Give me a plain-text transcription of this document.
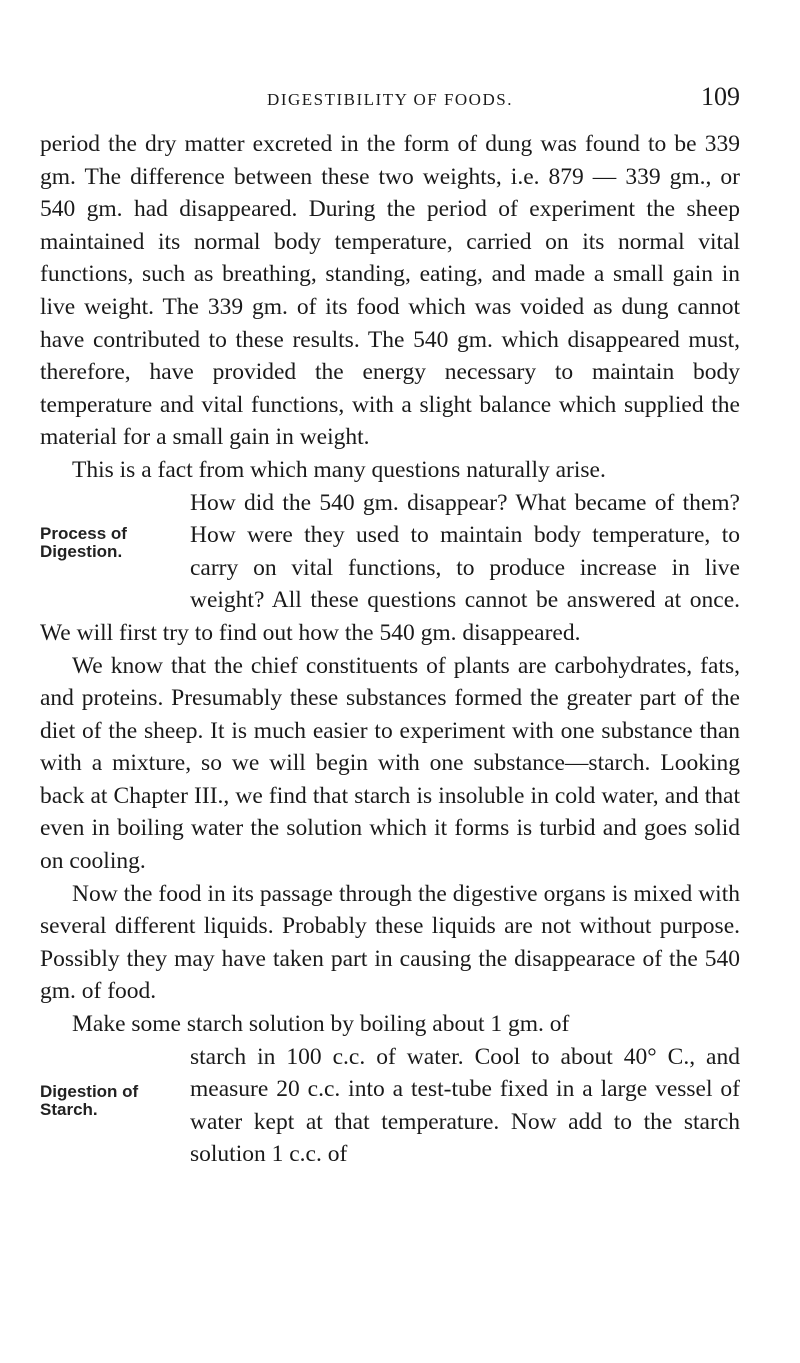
DIGESTIBILITY OF FOODS.	109

period the dry matter excreted in the form of dung was found to be 339 gm. The difference between these two weights, i.e. 879 — 339 gm., or 540 gm. had disappeared. During the period of experiment the sheep maintained its normal body temperature, carried on its normal vital functions, such as breathing, standing, eating, and made a small gain in live weight. The 339 gm. of its food which was voided as dung cannot have contributed to these results. The 540 gm. which disappeared must, therefore, have provided the energy necessary to maintain body temperature and vital functions, with a slight balance which supplied the material for a small gain in weight.

This is a fact from which many questions naturally arise.

Process of Digestion.

How did the 540 gm. disappear? What became of them? How were they used to maintain body temperature, to carry on vital functions, to produce increase in live weight? All these questions cannot be answered at once. We will first try to find out how the 540 gm. disappeared.

We know that the chief constituents of plants are carbohydrates, fats, and proteins. Presumably these substances formed the greater part of the diet of the sheep. It is much easier to experiment with one substance than with a mixture, so we will begin with one substance—starch. Looking back at Chapter III., we find that starch is insoluble in cold water, and that even in boiling water the solution which it forms is turbid and goes solid on cooling.

Now the food in its passage through the digestive organs is mixed with several different liquids. Probably these liquids are not without purpose. Possibly they may have taken part in causing the disappearace of the 540 gm. of food.

Make some starch solution by boiling about 1 gm. of

Digestion of Starch.

starch in 100 c.c. of water. Cool to about 40° C., and measure 20 c.c. into a test-tube fixed in a large vessel of water kept at that temperature. Now add to the starch solution 1 c.c. of
